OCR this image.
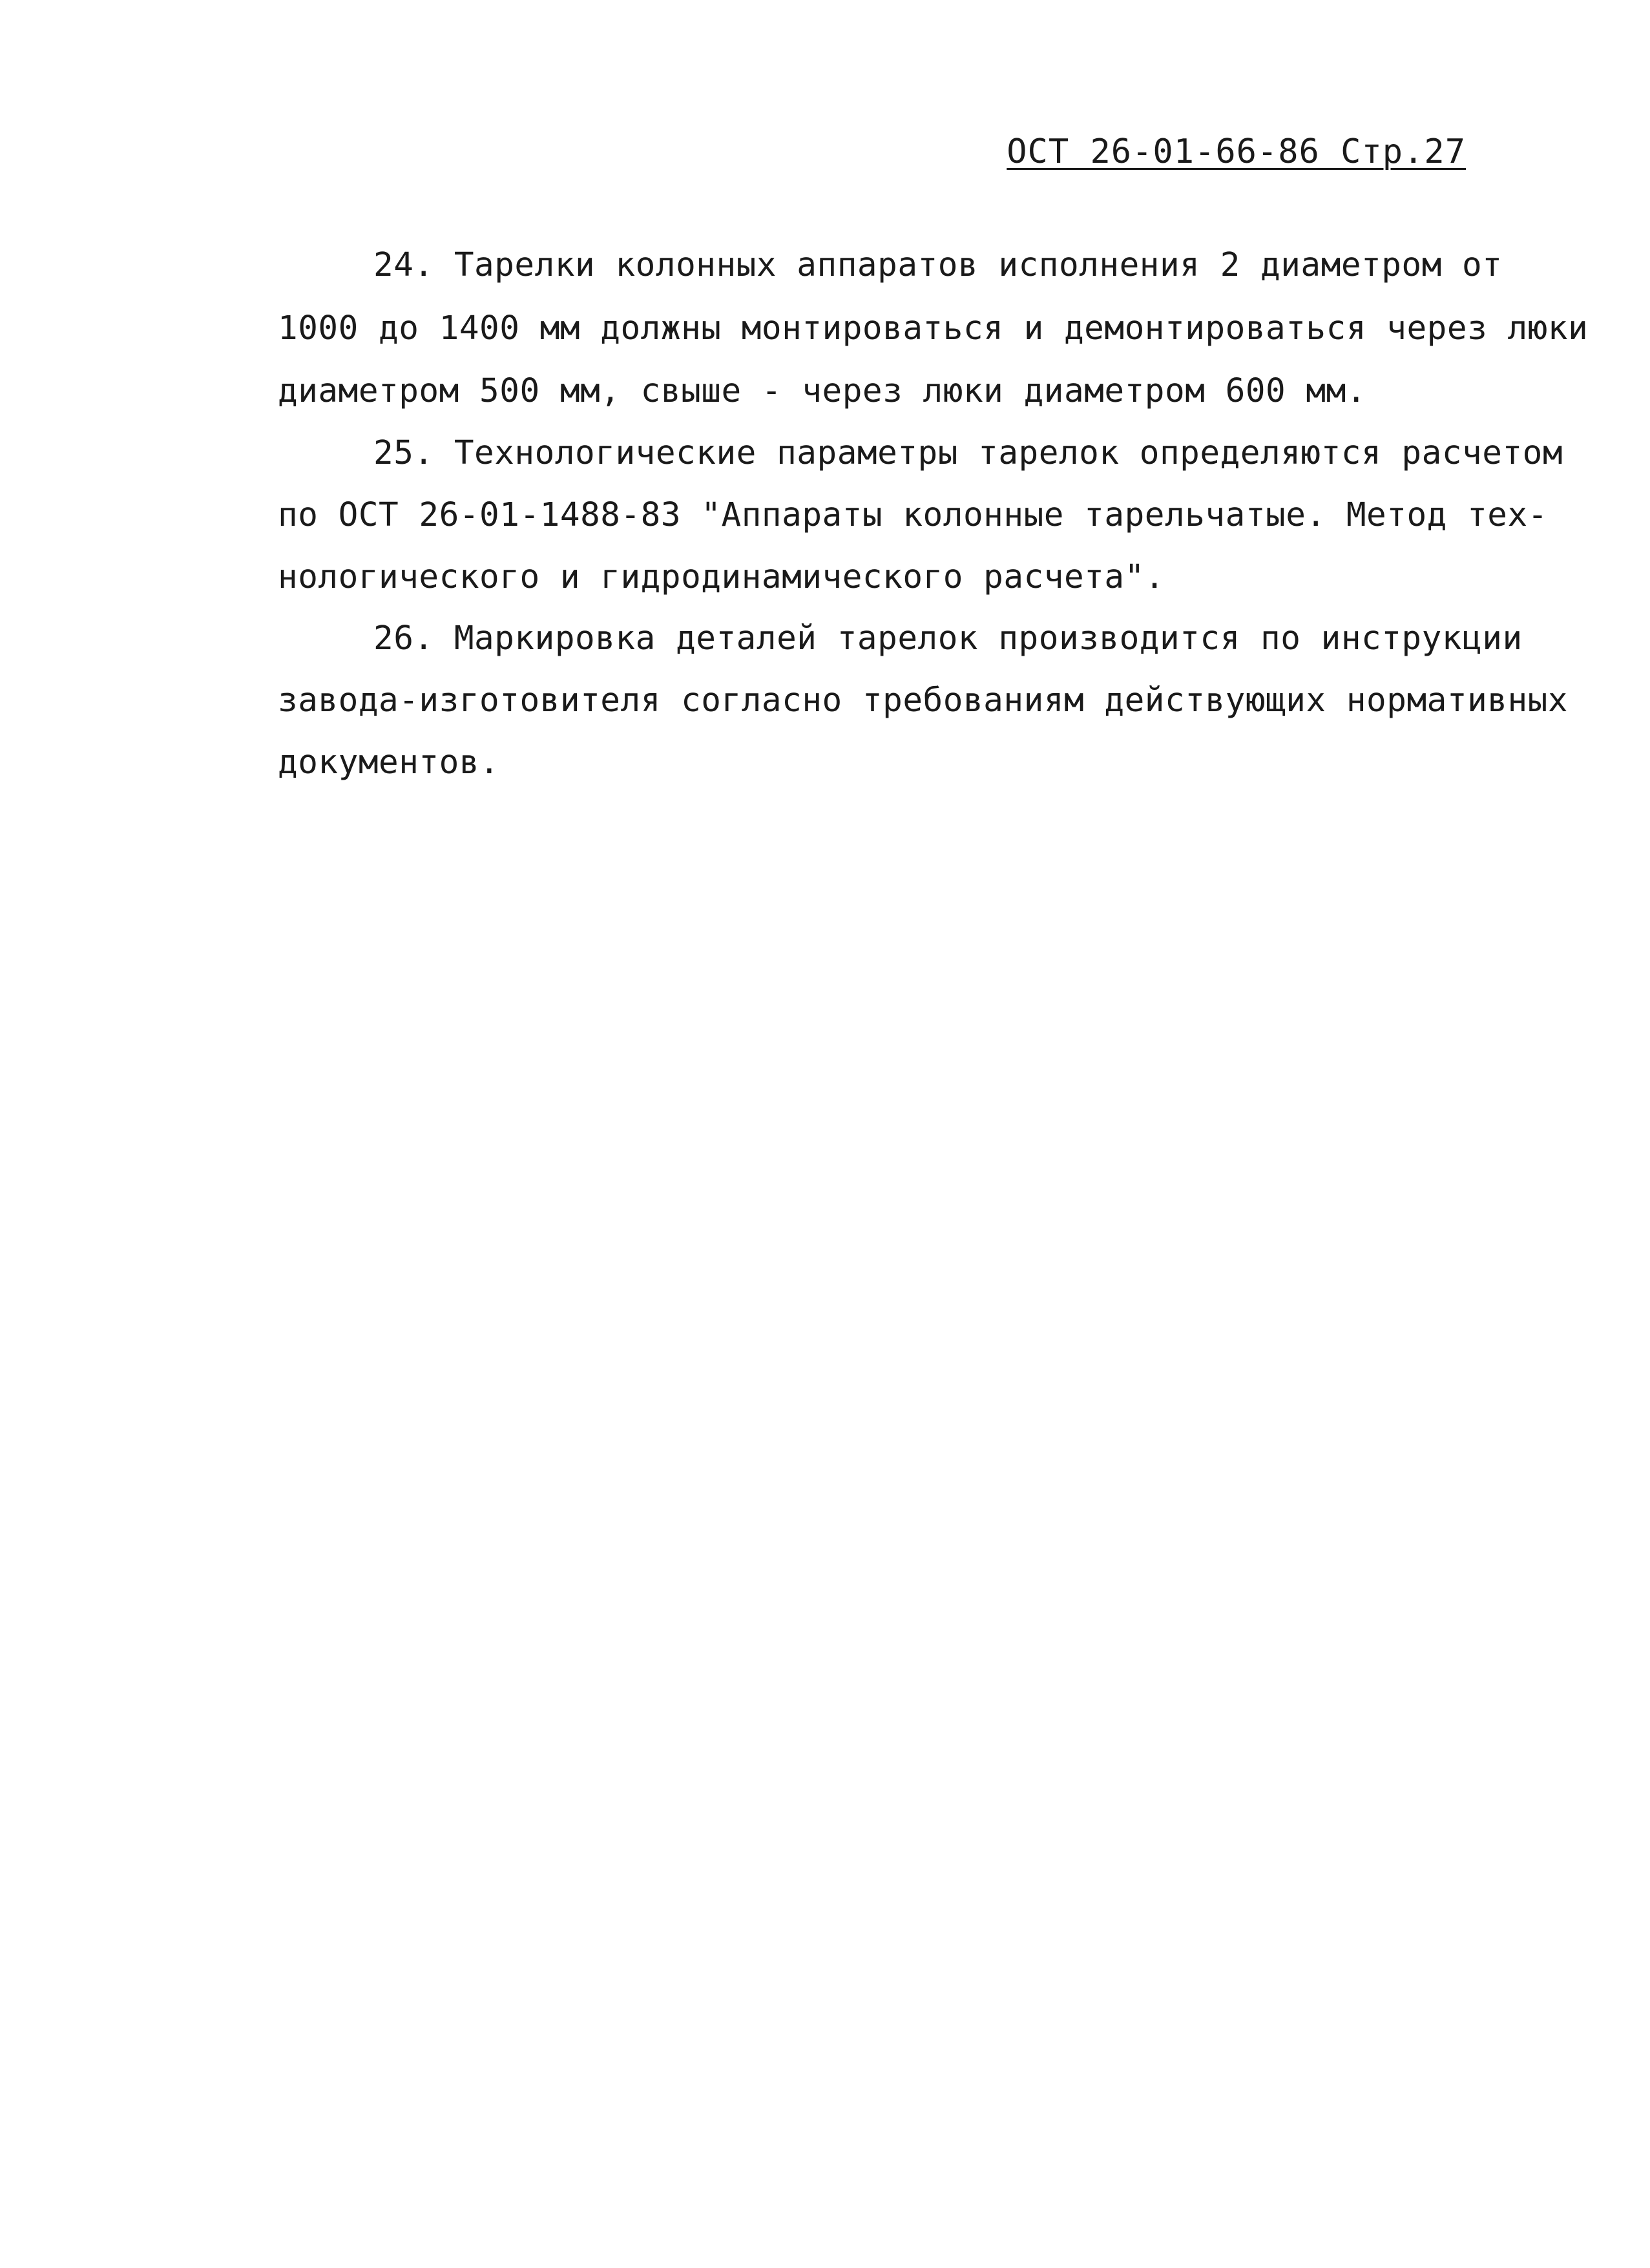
ОСТ 26-01-66-86 Стр.27
24. Тарелки колонных аппаратов исполнения 2 диаметром от
1000 до 1400 мм должны монтироваться и демонтироваться через люки
диаметром 500 мм, свыше - через люки диаметром 600 мм.
25. Технологические параметры тарелок определяются расчетом
по ОСТ 26-01-1488-83 "Аппараты колонные тарельчатые. Метод тех-
нологического и гидродинамического расчета".
26. Маркировка деталей тарелок производится по инструкции
завода-изготовителя согласно требованиям действующих нормативных
документов.
